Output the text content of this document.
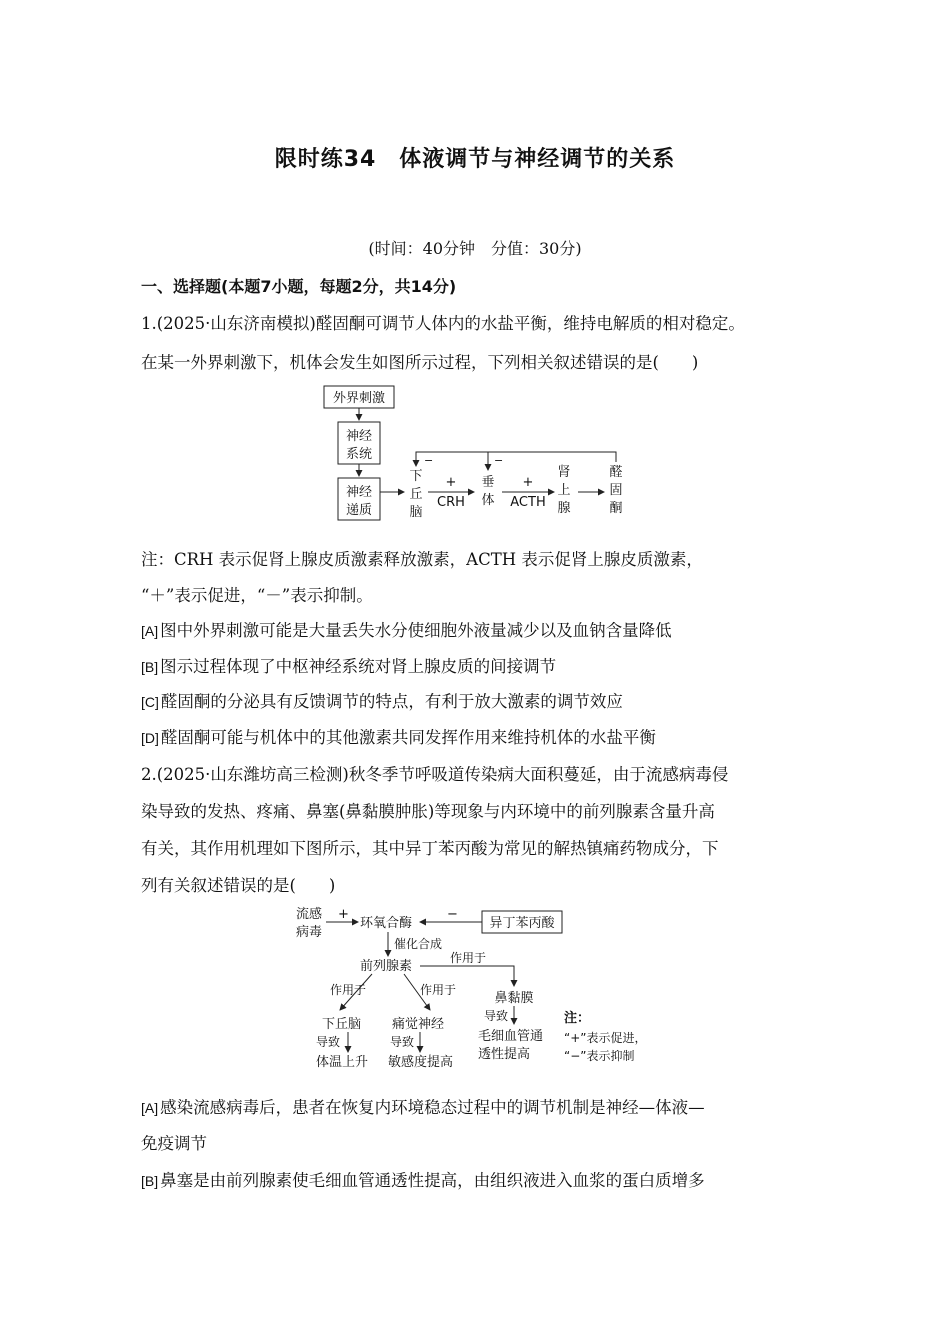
限时练34　体液调节与神经调节的关系
(时间：40分钟　分值：30分)
一、选择题(本题7小题，每题2分，共14分)
1.(2025·山东济南模拟)醛固酮可调节人体内的水盐平衡，维持电解质的相对稳定。
在某一外界刺激下，机体会发生如图所示过程，下列相关叙述错误的是(　　)
外界刺激
神经
系统
神经
递质
下
丘
脑
+
CRH
垂
体
+
ACTH
肾
上
腺
醛
固
酮
−	−
注：CRH 表示促肾上腺皮质激素释放激素，ACTH 表示促肾上腺皮质激素，
“＋”表示促进，“－”表示抑制。
[A] 图中外界刺激可能是大量丢失水分使细胞外液量减少以及血钠含量降低
[B] 图示过程体现了中枢神经系统对肾上腺皮质的间接调节
[C] 醛固酮的分泌具有反馈调节的特点，有利于放大激素的调节效应
[D] 醛固酮可能与机体中的其他激素共同发挥作用来维持机体的水盐平衡
2.(2025·山东潍坊高三检测)秋冬季节呼吸道传染病大面积蔓延，由于流感病毒侵
染导致的发热、疼痛、鼻塞(鼻黏膜肿胀)等现象与内环境中的前列腺素含量升高
有关，其作用机理如下图所示，其中异丁苯丙酸为常见的解热镇痛药物成分，下
列有关叙述错误的是(　　)
流感
病毒
+
环氧合酶	异丁苯丙酸
−
催化合成
前列腺素
作用于
鼻黏膜
作用于	作用于
下丘脑 痛觉神经
导致	导致
导致
体温上升 敏感度提高
毛细血管通
透性提高
注：
“+”表示促进，
“−”表示抑制
[A] 感染流感病毒后，患者在恢复内环境稳态过程中的调节机制是神经—体液—
免疫调节
[B] 鼻塞是由前列腺素使毛细血管通透性提高，由组织液进入血浆的蛋白质增多
